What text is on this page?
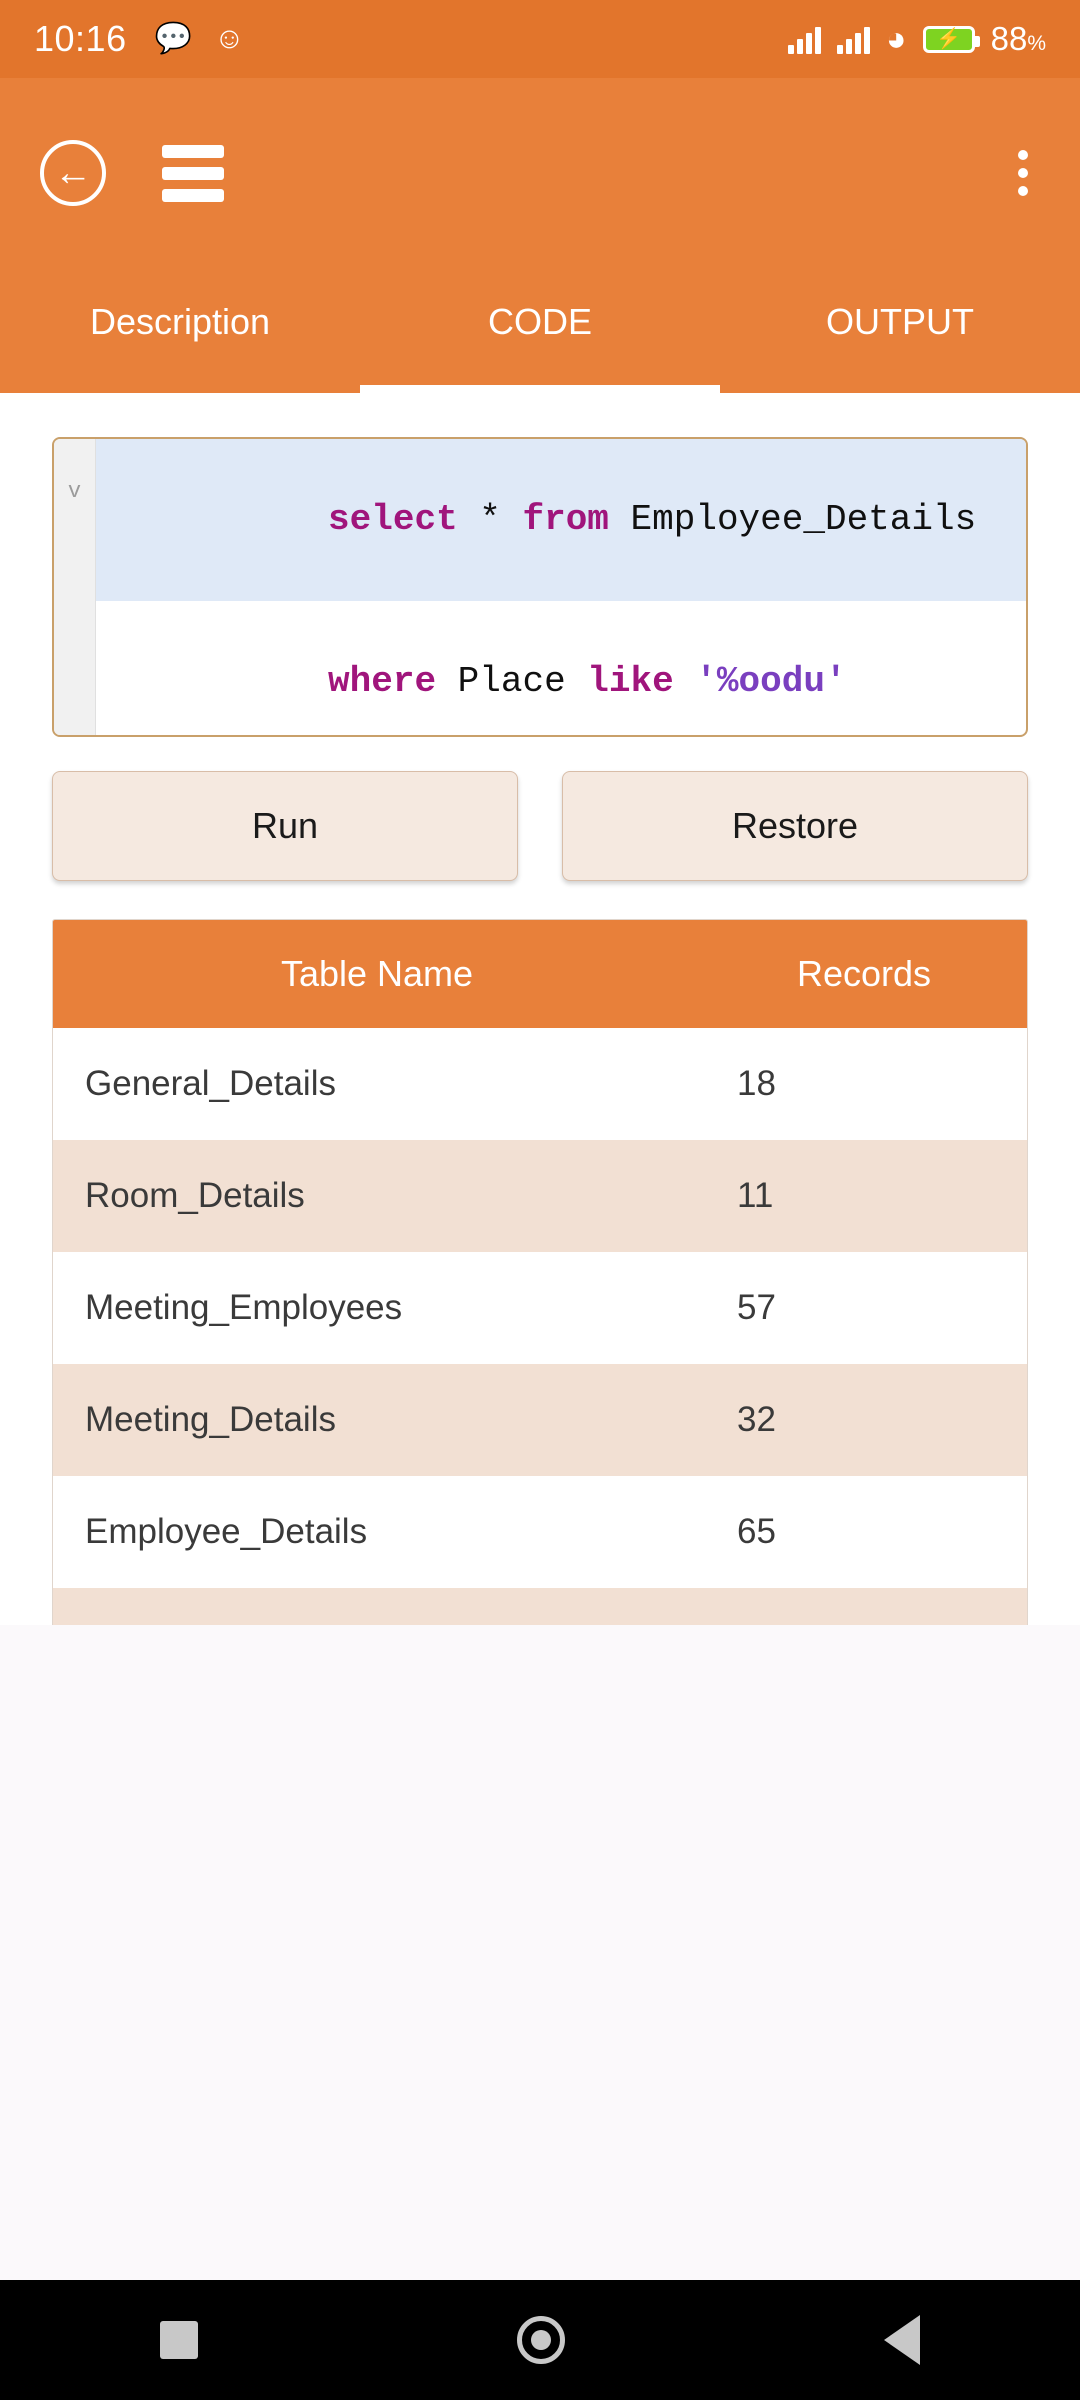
10:16 💬 ☺	◕ ⚡ 88%
←
Description	CODE	OUTPUT
v

select * from Employee_Details

where Place like '%oodu'

Run	Restore
Table Name	Records
General_Details	18
Room_Details	11
Meeting_Employees	57
Meeting_Details	32
Employee_Details	65
